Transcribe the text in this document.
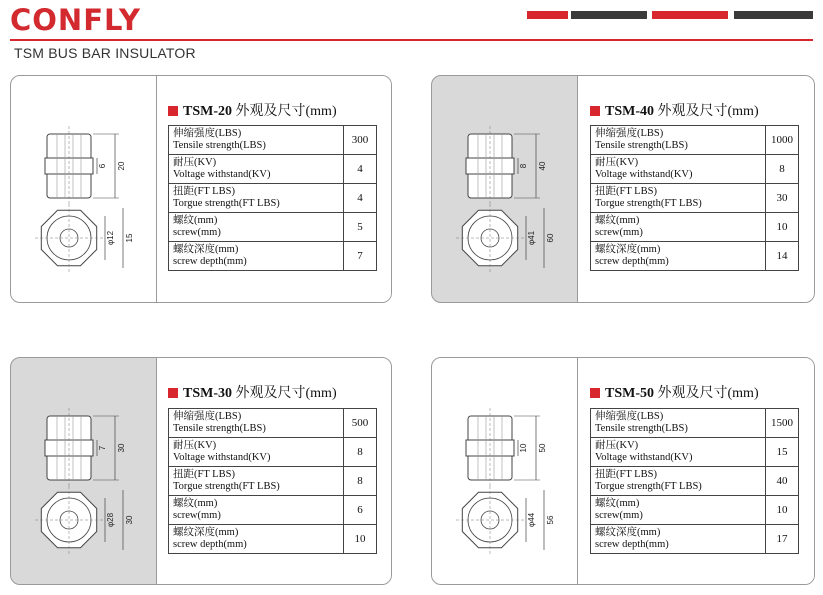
CONFLY
TSM BUS BAR INSULATOR
6 20
φ12 15
TSM-20 外观及尺寸(mm)
伸缩强度(LBS)
Tensile strength(LBS)	300

耐压(KV)
Voltage withstand(KV)	4

扭距(FT LBS)
Torgue strength(FT LBS)	4

螺纹(mm)
screw(mm)	5

螺纹深度(mm)
screw depth(mm)	7
8 40
φ41 60
TSM-40 外观及尺寸(mm)
伸缩强度(LBS)
Tensile strength(LBS)	1000

耐压(KV)
Voltage withstand(KV)	8

扭距(FT LBS)
Torgue strength(FT LBS)	30

螺纹(mm)
screw(mm)	10

螺纹深度(mm)
screw depth(mm)	14
7 30
φ28 30
TSM-30 外观及尺寸(mm)
伸缩强度(LBS)
Tensile strength(LBS)	500

耐压(KV)
Voltage withstand(KV)	8

扭距(FT LBS)
Torgue strength(FT LBS)	8

螺纹(mm)
screw(mm)	6

螺纹深度(mm)
screw depth(mm)	10
10 50
φ44 56
TSM-50 外观及尺寸(mm)
伸缩强度(LBS)
Tensile strength(LBS)	1500

耐压(KV)
Voltage withstand(KV)	15

扭距(FT LBS)
Torgue strength(FT LBS)	40

螺纹(mm)
screw(mm)	10

螺纹深度(mm)
screw depth(mm)	17
